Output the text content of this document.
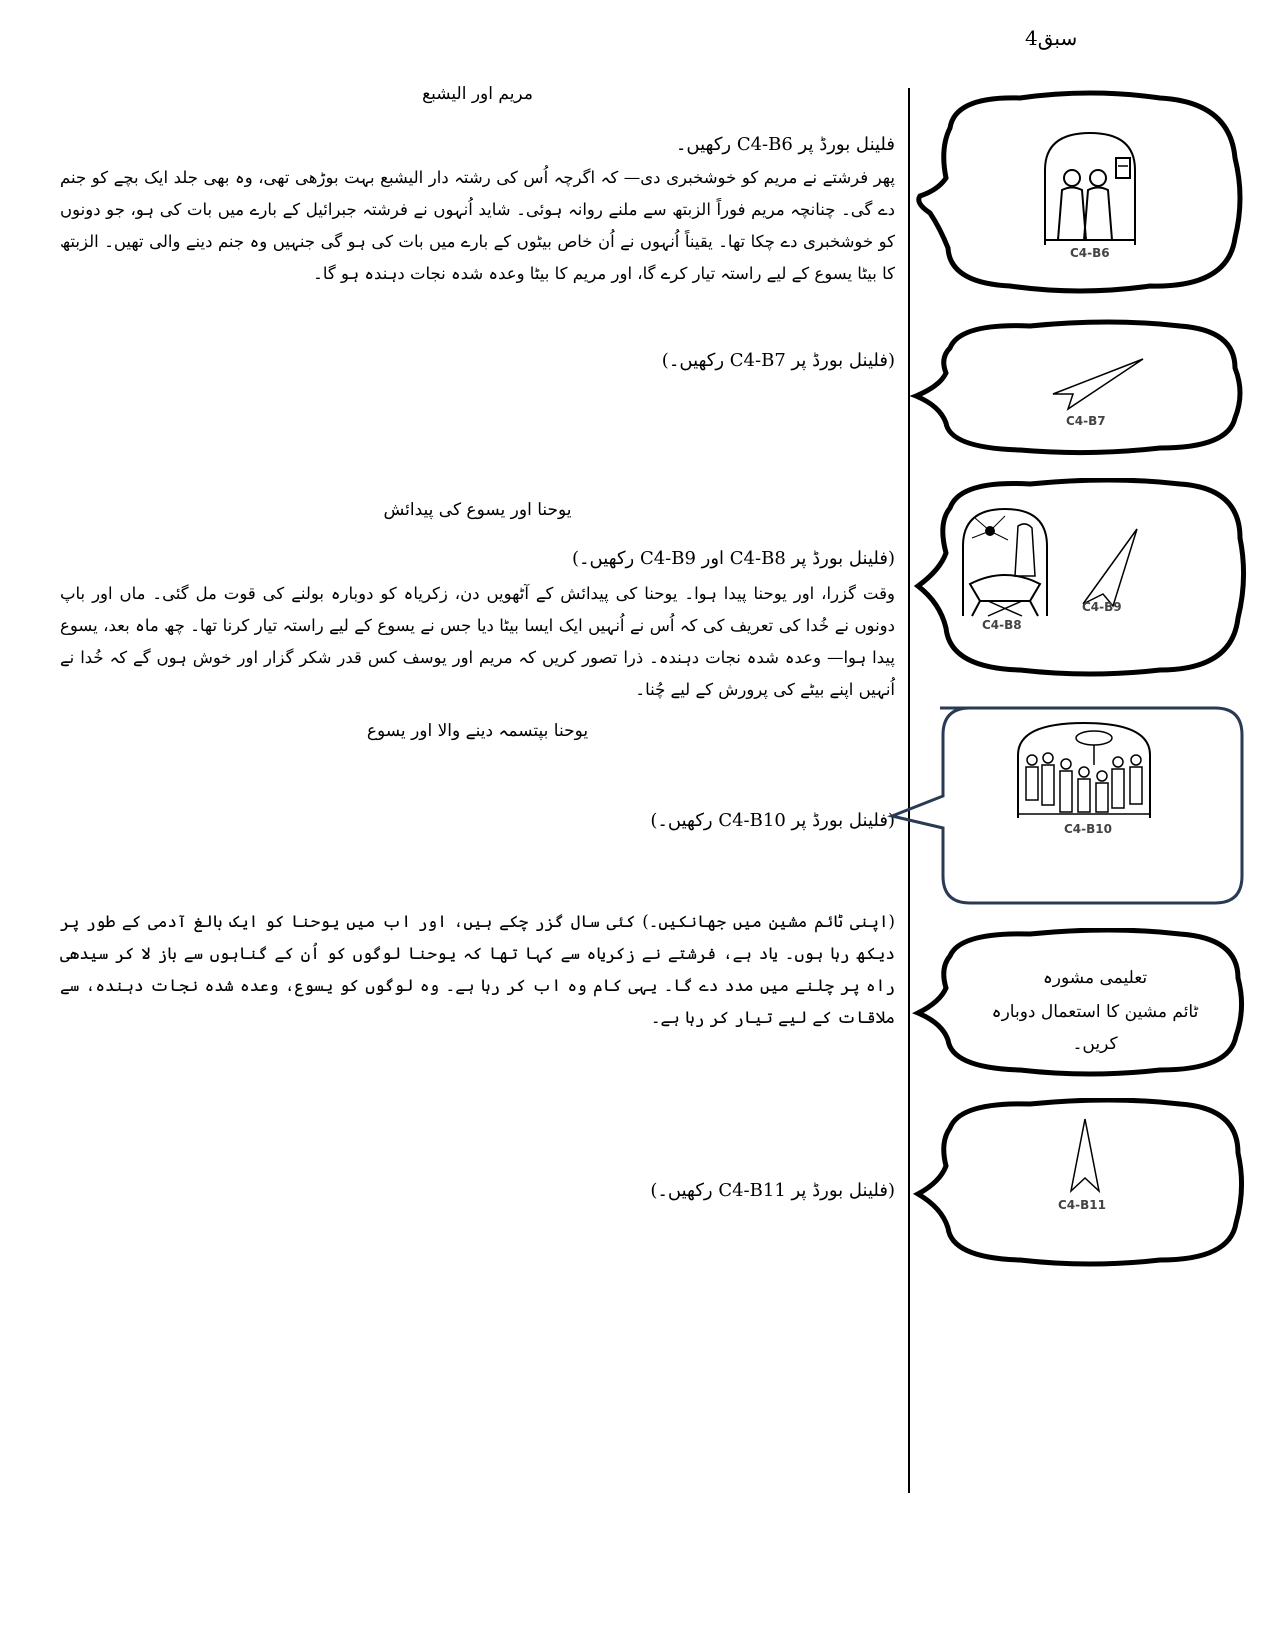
سبق4
مریم اور الیشبع
فلینل بورڈ پر C4-B6 رکھیں۔
پھر فرشتے نے مریم کو خوشخبری دی— کہ اگرچہ اُس کی رشتہ دار الیشبع بہت بوڑھی تھی، وہ بھی جلد ایک بچے کو جنم دے گی۔ چنانچہ مریم فوراً الزبتھ سے ملنے روانہ ہوئی۔ شاید اُنہوں نے فرشتہ جبرائیل کے بارے میں بات کی ہو، جو دونوں کو خوشخبری دے چکا تھا۔ یقیناً اُنہوں نے اُن خاص بیٹوں کے بارے میں بات کی ہو گی جنہیں وہ جنم دینے والی تھیں۔ الزبتھ کا بیٹا یسوع کے لیے راستہ تیار کرے گا، اور مریم کا بیٹا وعدہ شدہ نجات دہندہ ہو گا۔
(فلینل بورڈ پر C4-B7 رکھیں۔)
یوحنا اور یسوع کی پیدائش
(فلینل بورڈ پر C4-B8 اور C4-B9 رکھیں۔)
وقت گزرا، اور یوحنا پیدا ہوا۔ یوحنا کی پیدائش کے آٹھویں دن، زکریاہ کو دوبارہ بولنے کی قوت مل گئی۔ ماں اور باپ دونوں نے خُدا کی تعریف کی کہ اُس نے اُنہیں ایک ایسا بیٹا دیا جس نے یسوع کے لیے راستہ تیار کرنا تھا۔ چھ ماہ بعد، یسوع پیدا ہوا— وعدہ شدہ نجات دہندہ۔ ذرا تصور کریں کہ مریم اور یوسف کس قدر شکر گزار اور خوش ہوں گے کہ خُدا نے اُنہیں اپنے بیٹے کی پرورش کے لیے چُنا۔
یوحنا بپتسمہ دینے والا اور یسوع
(فلینل بورڈ پر C4-B10 رکھیں۔)
(اپنی ٹائم مشین میں جھانکیں۔) کئی سال گزر چکے ہیں، اور اب میں یوحنا کو ایک بالغ آدمی کے طور پر دیکھ رہا ہوں۔ یاد ہے، فرشتے نے زکریاہ سے کہا تھا کہ یوحنا لوگوں کو اُن کے گناہوں سے باز لا کر سیدھی راہ پر چلنے میں مدد دے گا۔ یہی کام وہ اب کر رہا ہے۔ وہ لوگوں کو یسوع، وعدہ شدہ نجات دہندہ، سے ملاقات کے لیے تیار کر رہا ہے۔
(فلینل بورڈ پر C4-B11 رکھیں۔)
C4-B6
C4-B7
C4-B8
C4-B9
C4-B10
تعلیمی مشورہ
ٹائم مشین کا استعمال دوبارہ کریں۔
C4-B11
